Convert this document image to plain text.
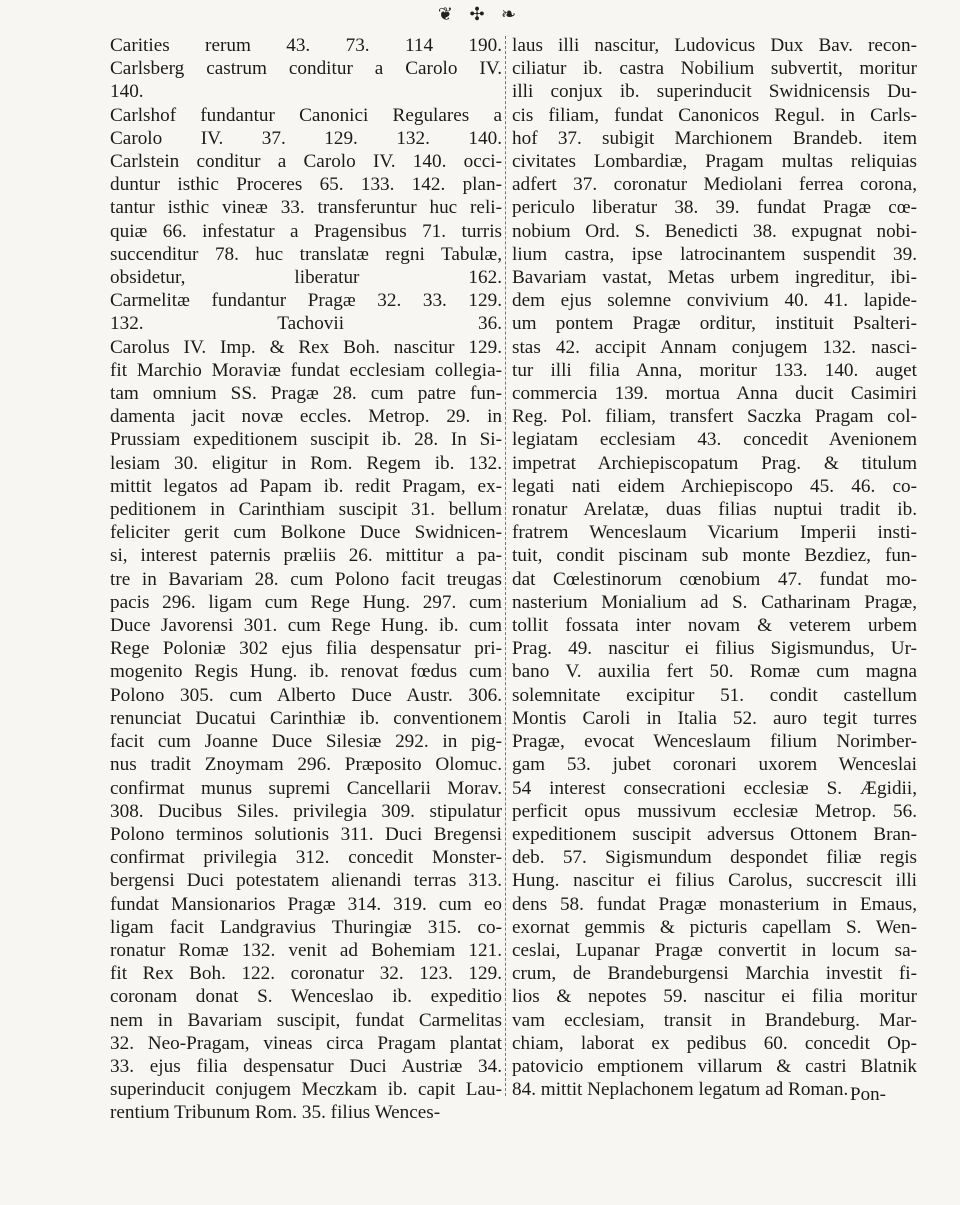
❦ ✣ ❧
Carities rerum 43. 73. 114 190.
Carlsberg castrum conditur a Carolo IV.
140.
Carlshof fundantur Canonici Regulares a
Carolo IV. 37. 129. 132. 140.
Carlstein conditur a Carolo IV. 140. occi-
duntur isthic Proceres 65. 133. 142. plan-
tantur isthic vineæ 33. transferuntur huc reli-
quiæ 66. infestatur a Pragensibus 71. turris
succenditur 78. huc translatæ regni Tabulæ,
obsidetur, liberatur 162.
Carmelitæ fundantur Pragæ 32. 33. 129.
132. Tachovii 36.
Carolus IV. Imp. & Rex Boh. nascitur 129.
fit Marchio Moraviæ fundat ecclesiam collegia-
tam omnium SS. Pragæ 28. cum patre fun-
damenta jacit novæ eccles. Metrop. 29. in
Prussiam expeditionem suscipit ib. 28. In Si-
lesiam 30. eligitur in Rom. Regem ib. 132.
mittit legatos ad Papam ib. redit Pragam, ex-
peditionem in Carinthiam suscipit 31. bellum
feliciter gerit cum Bolkone Duce Swidnicen-
si, interest paternis præliis 26. mittitur a pa-
tre in Bavariam 28. cum Polono facit treugas
pacis 296. ligam cum Rege Hung. 297. cum
Duce Javorensi 301. cum Rege Hung. ib. cum
Rege Poloniæ 302 ejus filia despensatur pri-
mogenito Regis Hung. ib. renovat fœdus cum
Polono 305. cum Alberto Duce Austr. 306.
renunciat Ducatui Carinthiæ ib. conventionem
facit cum Joanne Duce Silesiæ 292. in pig-
nus tradit Znoymam 296. Præposito Olomuc.
confirmat munus supremi Cancellarii Morav.
308. Ducibus Siles. privilegia 309. stipulatur
Polono terminos solutionis 311. Duci Bregensi
confirmat privilegia 312. concedit Monster-
bergensi Duci potestatem alienandi terras 313.
fundat Mansionarios Pragæ 314. 319. cum eo
ligam facit Landgravius Thuringiæ 315. co-
ronatur Romæ 132. venit ad Bohemiam 121.
fit Rex Boh. 122. coronatur 32. 123. 129.
coronam donat S. Wenceslao ib. expeditio
nem in Bavariam suscipit, fundat Carmelitas
32. Neo-Pragam, vineas circa Pragam plantat
33. ejus filia despensatur Duci Austriæ 34.
superinducit conjugem Meczkam ib. capit Lau-
rentium Tribunum Rom. 35. filius Wences-
laus illi nascitur, Ludovicus Dux Bav. recon-
ciliatur ib. castra Nobilium subvertit, moritur
illi conjux ib. superinducit Swidnicensis Du-
cis filiam, fundat Canonicos Regul. in Carls-
hof 37. subigit Marchionem Brandeb. item
civitates Lombardiæ, Pragam multas reliquias
adfert 37. coronatur Mediolani ferrea corona,
periculo liberatur 38. 39. fundat Pragæ cœ-
nobium Ord. S. Benedicti 38. expugnat nobi-
lium castra, ipse latrocinantem suspendit 39.
Bavariam vastat, Metas urbem ingreditur, ibi-
dem ejus solemne convivium 40. 41. lapide-
um pontem Pragæ orditur, instituit Psalteri-
stas 42. accipit Annam conjugem 132. nasci-
tur illi filia Anna, moritur 133. 140. auget
commercia 139. mortua Anna ducit Casimiri
Reg. Pol. filiam, transfert Saczka Pragam col-
legiatam ecclesiam 43. concedit Avenionem
impetrat Archiepiscopatum Prag. & titulum
legati nati eidem Archiepiscopo 45. 46. co-
ronatur Arelatæ, duas filias nuptui tradit ib.
fratrem Wenceslaum Vicarium Imperii insti-
tuit, condit piscinam sub monte Bezdiez, fun-
dat Cœlestinorum cœnobium 47. fundat mo-
nasterium Monialium ad S. Catharinam Pragæ,
tollit fossata inter novam & veterem urbem
Prag. 49. nascitur ei filius Sigismundus, Ur-
bano V. auxilia fert 50. Romæ cum magna
solemnitate excipitur 51. condit castellum
Montis Caroli in Italia 52. auro tegit turres
Pragæ, evocat Wenceslaum filium Norimber-
gam 53. jubet coronari uxorem Wenceslai
54 interest consecrationi ecclesiæ S. Ægidii,
perficit opus mussivum ecclesiæ Metrop. 56.
expeditionem suscipit adversus Ottonem Bran-
deb. 57. Sigismundum despondet filiæ regis
Hung. nascitur ei filius Carolus, succrescit illi
dens 58. fundat Pragæ monasterium in Emaus,
exornat gemmis & picturis capellam S. Wen-
ceslai, Lupanar Pragæ convertit in locum sa-
crum, de Brandeburgensi Marchia investit fi-
lios & nepotes 59. nascitur ei filia moritur
vam ecclesiam, transit in Brandeburg. Mar-
chiam, laborat ex pedibus 60. concedit Op-
patovicio emptionem villarum & castri Blatnik
84. mittit Neplachonem legatum ad Roman. Pon-
